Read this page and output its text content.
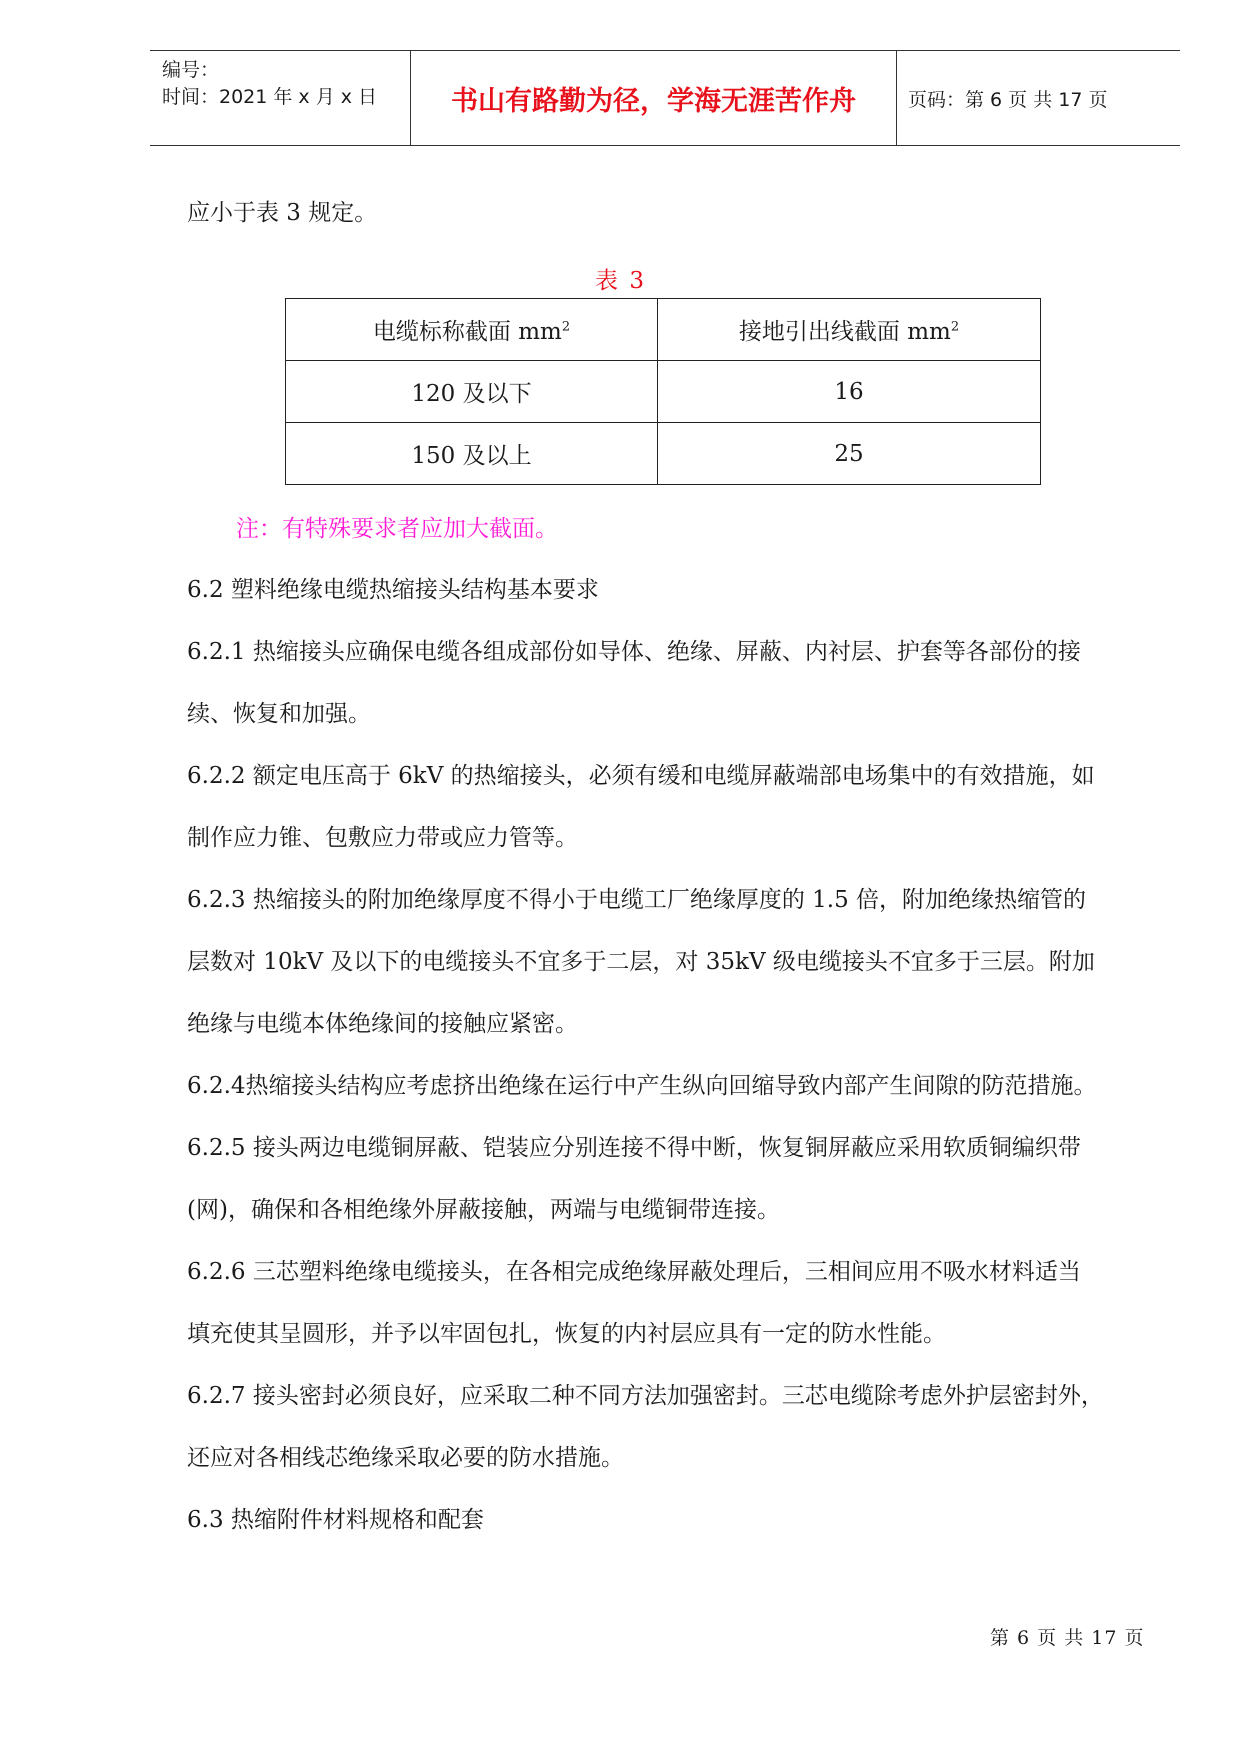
编号：
时间：2021 年 x 月 x 日	书山有路勤为径，学海无涯苦作舟	页码：第 6 页 共 17 页
应小于表 3 规定。
表 3
电缆标称截面 $mm^2$	接地引出线截面 $mm^2$
120 及以下	16
150 及以上	25
注：有特殊要求者应加大截面。
6.2 塑料绝缘电缆热缩接头结构基本要求
6.2.1 热缩接头应确保电缆各组成部份如导体、绝缘、屏蔽、内衬层、护套等各部份的接
续、恢复和加强。
6.2.2 额定电压高于 6kV 的热缩接头，必须有缓和电缆屏蔽端部电场集中的有效措施，如
制作应力锥、包敷应力带或应力管等。
6.2.3 热缩接头的附加绝缘厚度不得小于电缆工厂绝缘厚度的 1.5 倍，附加绝缘热缩管的
层数对 10kV 及以下的电缆接头不宜多于二层，对 35kV 级电缆接头不宜多于三层。附加
绝缘与电缆本体绝缘间的接触应紧密。
6.2.4热缩接头结构应考虑挤出绝缘在运行中产生纵向回缩导致内部产生间隙的防范措施。
6.2.5 接头两边电缆铜屏蔽、铠装应分别连接不得中断，恢复铜屏蔽应采用软质铜编织带
(网)，确保和各相绝缘外屏蔽接触，两端与电缆铜带连接。
6.2.6 三芯塑料绝缘电缆接头，在各相完成绝缘屏蔽处理后，三相间应用不吸水材料适当
填充使其呈圆形，并予以牢固包扎，恢复的内衬层应具有一定的防水性能。
6.2.7 接头密封必须良好，应采取二种不同方法加强密封。三芯电缆除考虑外护层密封外，
还应对各相线芯绝缘采取必要的防水措施。
6.3 热缩附件材料规格和配套
第 6 页 共 17 页
